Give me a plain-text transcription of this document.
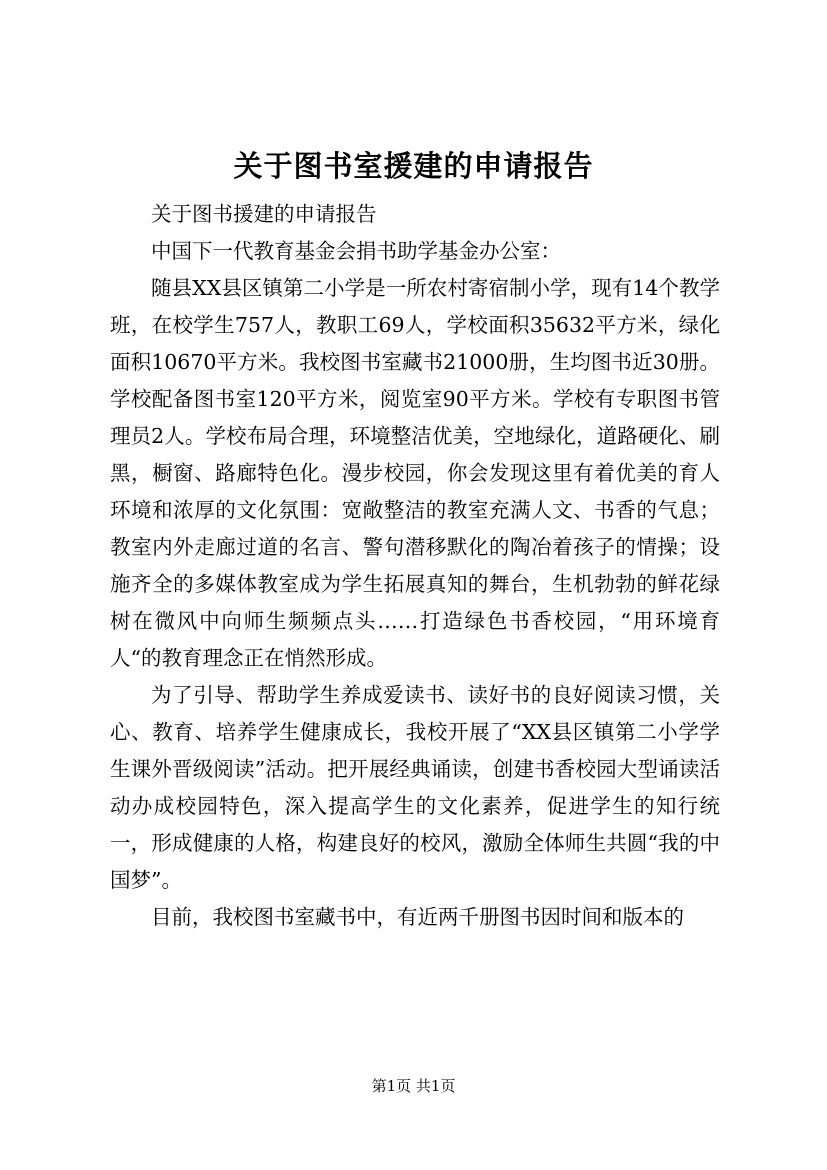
关于图书室援建的申请报告

关于图书援建的申请报告

中国下一代教育基金会捐书助学基金办公室：

随县XX县区镇第二小学是一所农村寄宿制小学，现有14个教学班，在校学生757人，教职工69人，学校面积35632平方米，绿化面积10670平方米。我校图书室藏书21000册，生均图书近30册。学校配备图书室120平方米，阅览室90平方米。学校有专职图书管理员2人。学校布局合理，环境整洁优美，空地绿化，道路硬化、刷黑，橱窗、路廊特色化。漫步校园，你会发现这里有着优美的育人环境和浓厚的文化氛围：宽敞整洁的教室充满人文、书香的气息；教室内外走廊过道的名言、警句潜移默化的陶冶着孩子的情操；设施齐全的多媒体教室成为学生拓展真知的舞台，生机勃勃的鲜花绿树在微风中向师生频频点头……打造绿色书香校园，“用环境育人“的教育理念正在悄然形成。

为了引导、帮助学生养成爱读书、读好书的良好阅读习惯，关心、教育、培养学生健康成长，我校开展了“XX县区镇第二小学学生课外晋级阅读”活动。把开展经典诵读，创建书香校园大型诵读活动办成校园特色，深入提高学生的文化素养，促进学生的知行统一，形成健康的人格，构建良好的校风，激励全体师生共圆“我的中国梦”。

目前，我校图书室藏书中，有近两千册图书因时间和版本的

第1页 共1页
